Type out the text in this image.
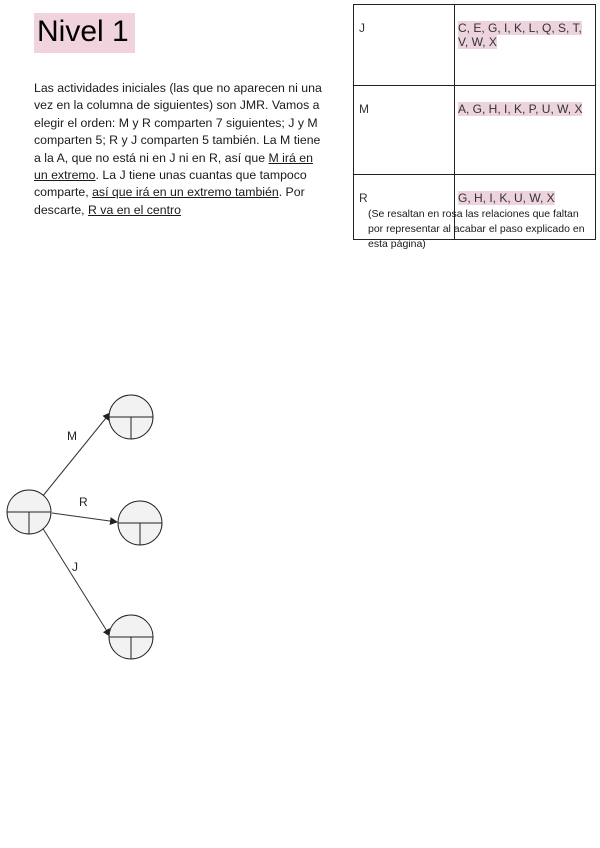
Nivel 1
Las actividades iniciales (las que no aparecen ni una vez en la columna de siguientes) son JMR. Vamos a elegir el orden: M y R comparten 7 siguientes; J y M comparten 5; R y J comparten 5 también. La M tiene a la A, que no está ni en J ni en R, así que M irá en un extremo. La J tiene unas cuantas que tampoco comparte, así que irá en un extremo también. Por descarte, R va en el centro
J	C, E, G, I, K, L, Q, S, T, V, W, X
M	A, G, H, I, K, P, U, W, X
R	G, H, I, K, U, W, X
(Se resaltan en rosa las relaciones que faltan por representar al acabar el paso explicado en esta página)
M
R
J
